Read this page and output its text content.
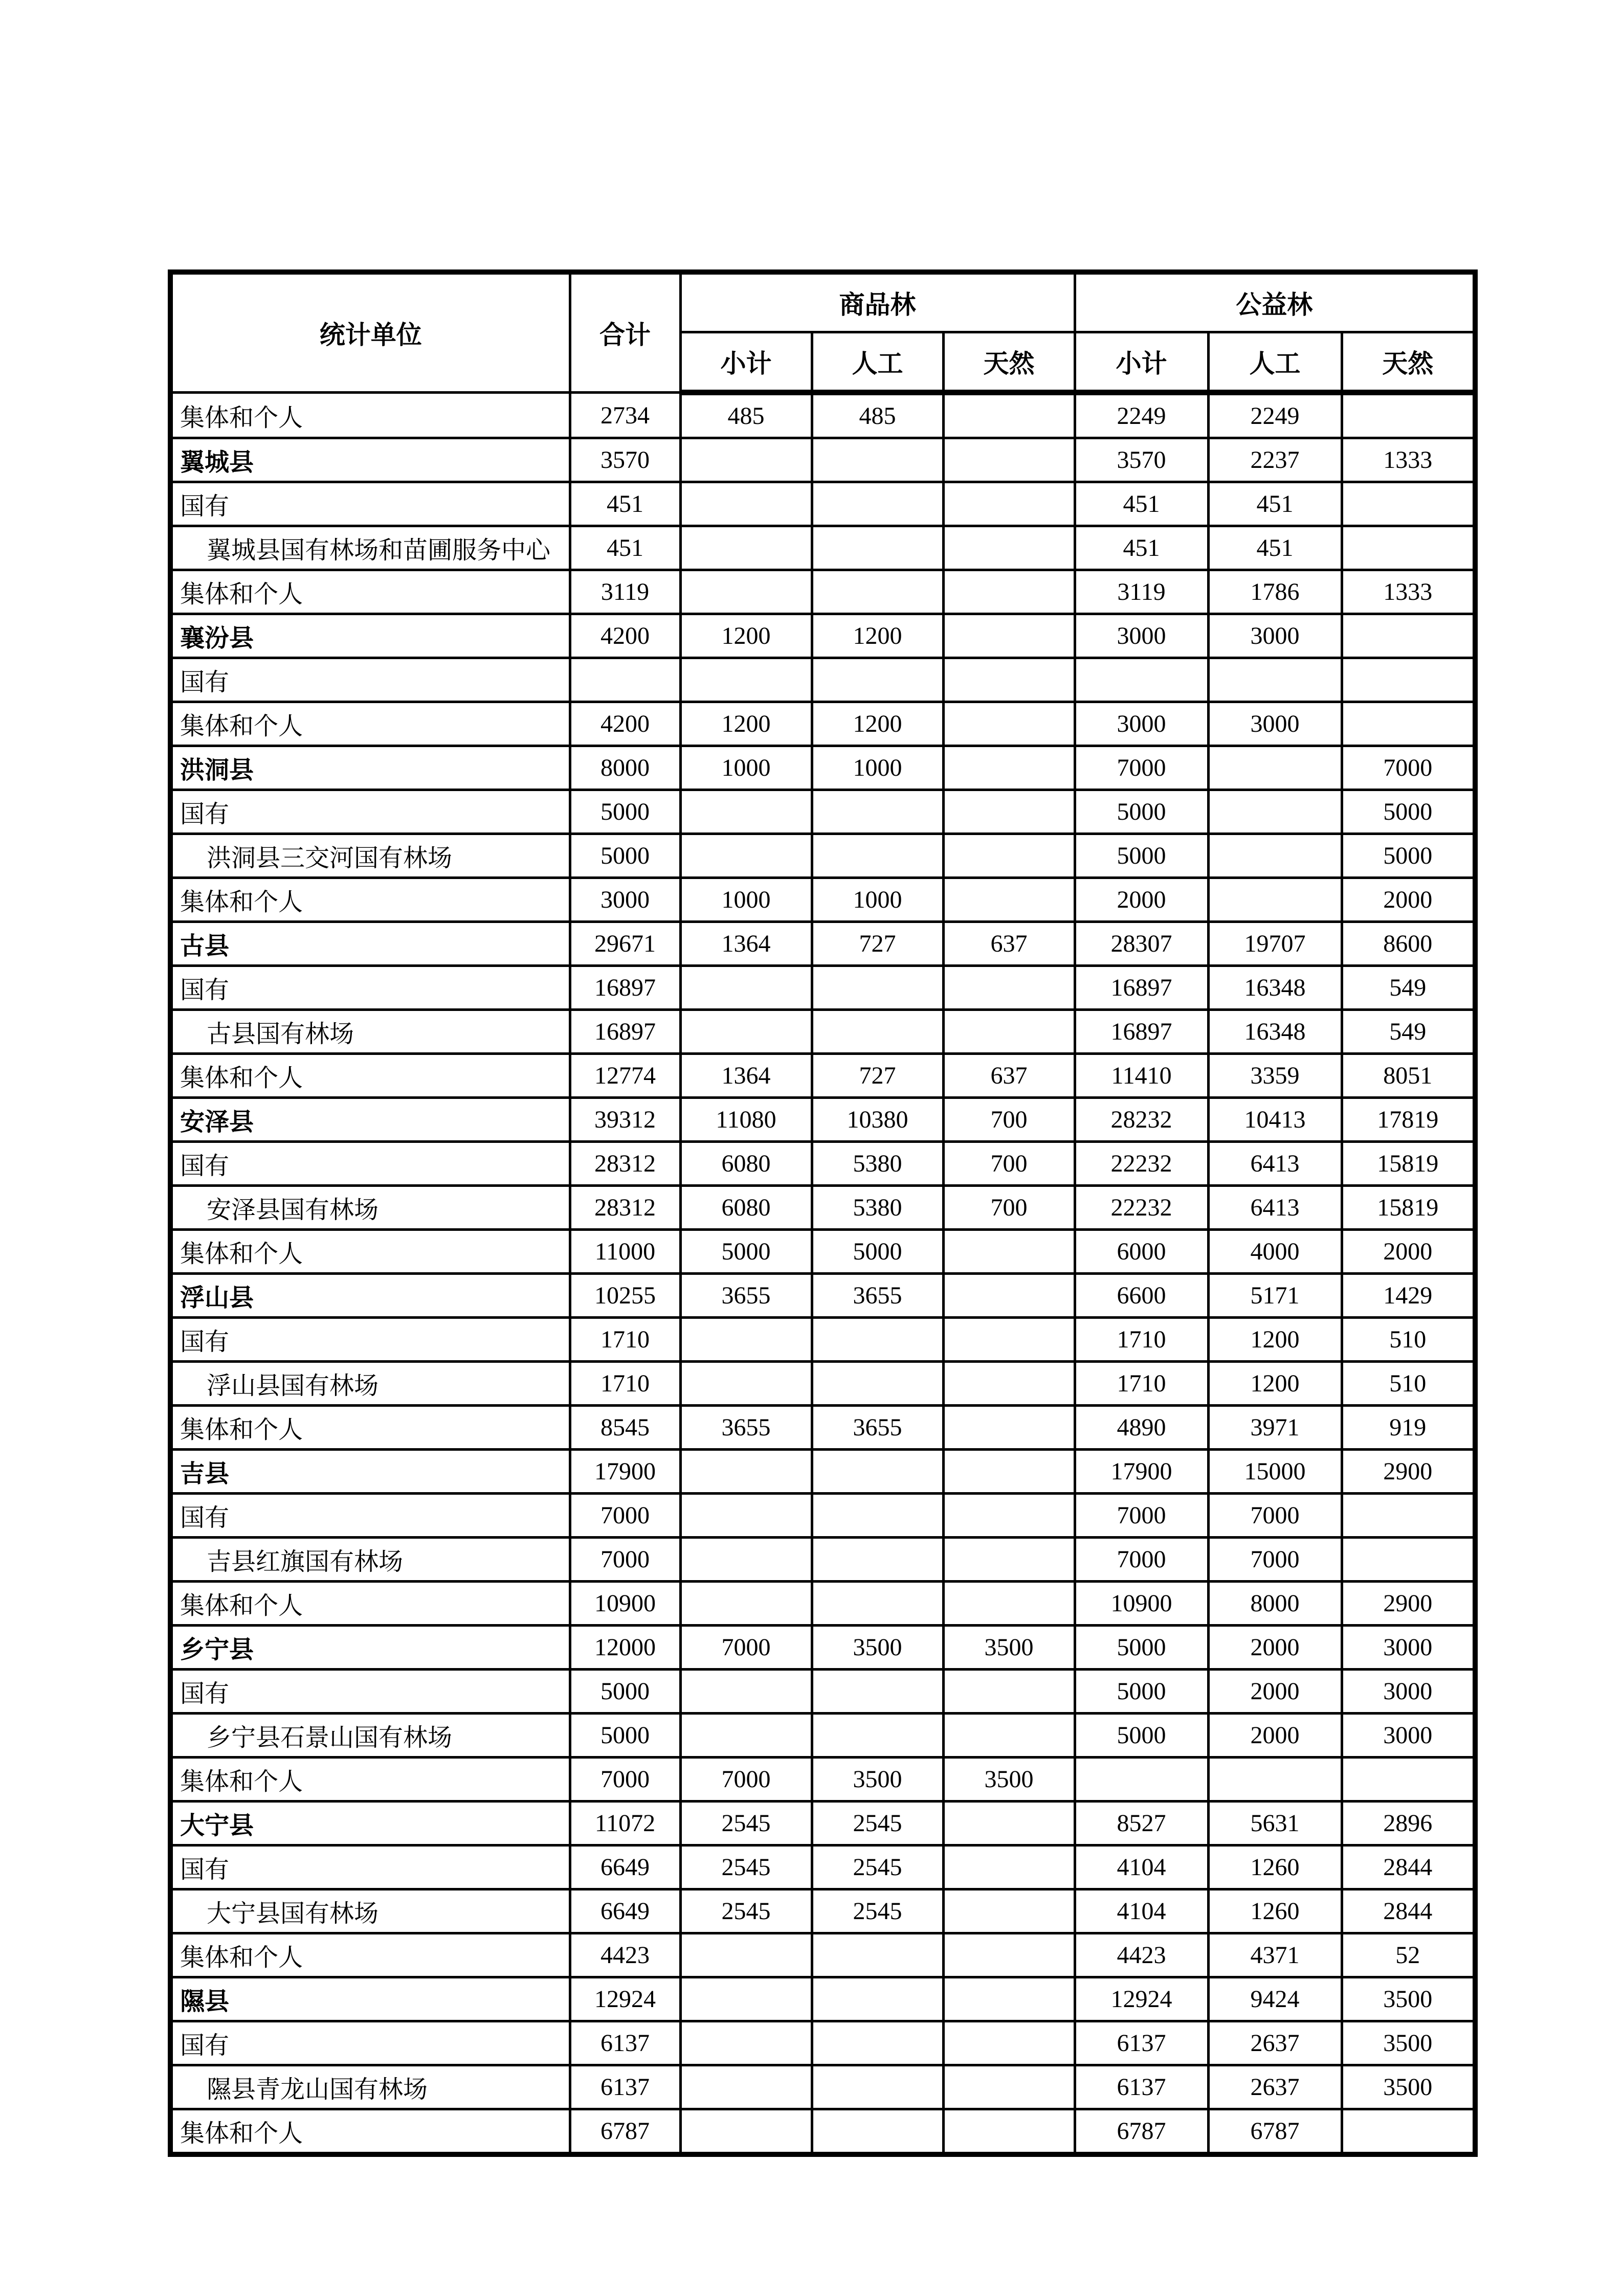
统计单位	合计	商品林			公益林		
		小计	人工	天然	小计	人工	天然
集体和个人	2734	485	485		2249	2249	
翼城县	3570				3570	2237	1333
国有	451				451	451	
翼城县国有林场和苗圃服务中心	451				451	451	
集体和个人	3119				3119	1786	1333
襄汾县	4200	1200	1200		3000	3000	
国有							
集体和个人	4200	1200	1200		3000	3000	
洪洞县	8000	1000	1000		7000		7000
国有	5000				5000		5000
洪洞县三交河国有林场	5000				5000		5000
集体和个人	3000	1000	1000		2000		2000
古县	29671	1364	727	637	28307	19707	8600
国有	16897				16897	16348	549
古县国有林场	16897				16897	16348	549
集体和个人	12774	1364	727	637	11410	3359	8051
安泽县	39312	11080	10380	700	28232	10413	17819
国有	28312	6080	5380	700	22232	6413	15819
安泽县国有林场	28312	6080	5380	700	22232	6413	15819
集体和个人	11000	5000	5000		6000	4000	2000
浮山县	10255	3655	3655		6600	5171	1429
国有	1710				1710	1200	510
浮山县国有林场	1710				1710	1200	510
集体和个人	8545	3655	3655		4890	3971	919
吉县	17900				17900	15000	2900
国有	7000				7000	7000	
吉县红旗国有林场	7000				7000	7000	
集体和个人	10900				10900	8000	2900
乡宁县	12000	7000	3500	3500	5000	2000	3000
国有	5000				5000	2000	3000
乡宁县石景山国有林场	5000				5000	2000	3000
集体和个人	7000	7000	3500	3500			
大宁县	11072	2545	2545		8527	5631	2896
国有	6649	2545	2545		4104	1260	2844
大宁县国有林场	6649	2545	2545		4104	1260	2844
集体和个人	4423				4423	4371	52
隰县	12924				12924	9424	3500
国有	6137				6137	2637	3500
隰县青龙山国有林场	6137				6137	2637	3500
集体和个人	6787				6787	6787	
